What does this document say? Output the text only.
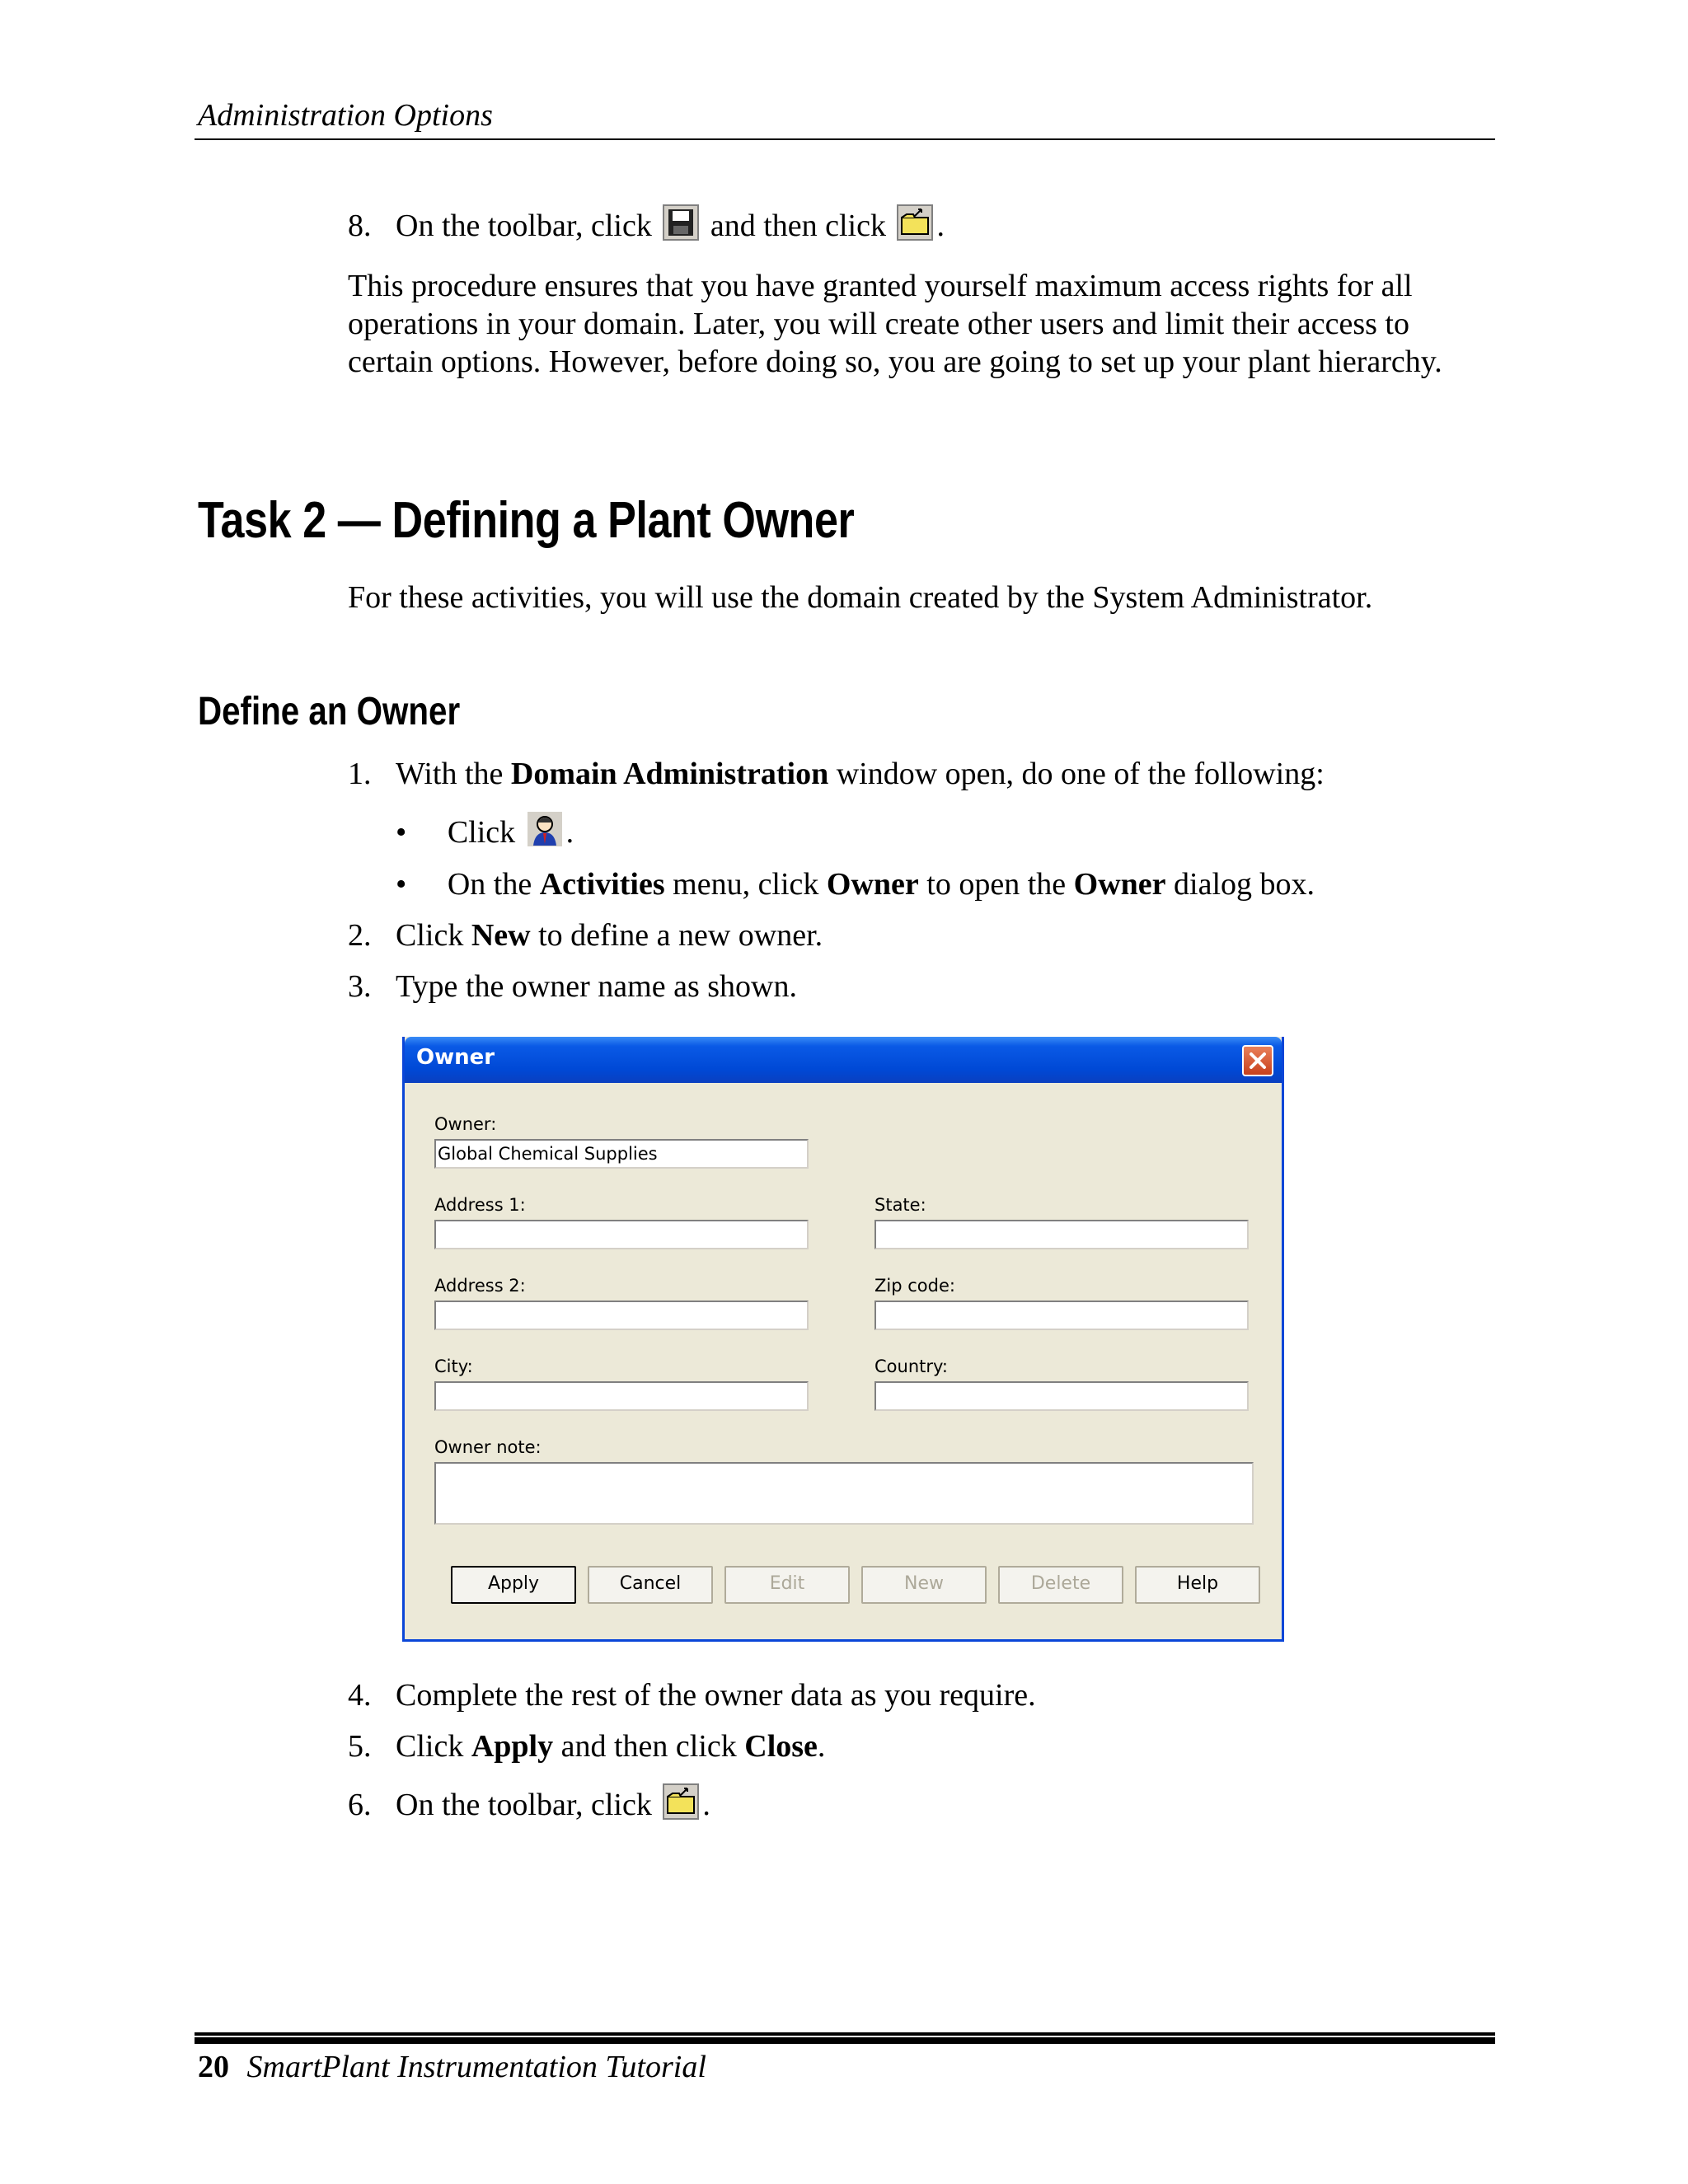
Administration Options
8. On the toolbar, click and then click .
This procedure ensures that you have granted yourself maximum access rights for all operations in your domain. Later, you will create other users and limit their access to certain options. However, before doing so, you are going to set up your plant hierarchy.
Task 2 — Defining a Plant Owner
For these activities, you will use the domain created by the System Administrator.
Define an Owner
1. With the Domain Administration window open, do one of the following:
• Click .
• On the Activities menu, click Owner to open the Owner dialog box.
2. Click New to define a new owner.
3. Type the owner name as shown.
Owner
Owner:
Global Chemical Supplies
Address 1:	State:
Address 2:	Zip code:
City:	Country:
Owner note:
Apply	Cancel	Edit	New	Delete	Help
4. Complete the rest of the owner data as you require.
5. Click Apply and then click Close.
6. On the toolbar, click .
20 SmartPlant Instrumentation Tutorial
